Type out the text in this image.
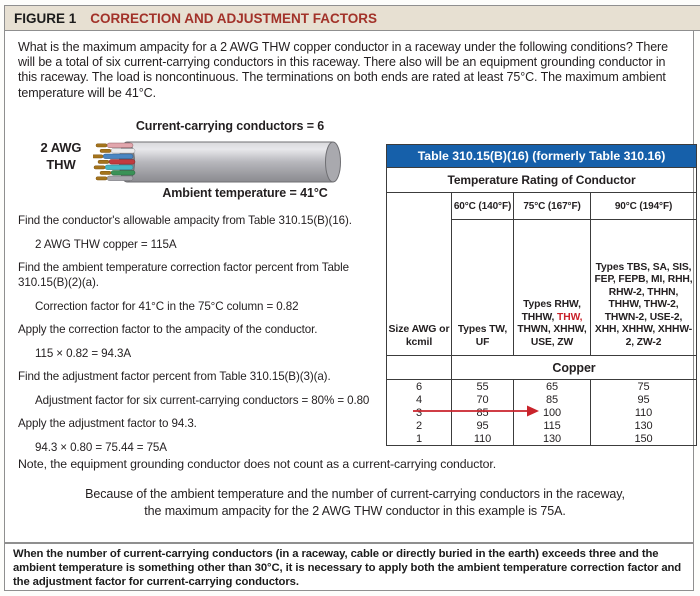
FIGURE 1 CORRECTION AND ADJUSTMENT FACTORS

What is the maximum ampacity for a 2 AWG THW copper conductor in a raceway under the following conditions? There will be a total of six current-carrying conductors in this raceway. There also will be an equipment grounding conductor in this raceway. The load is noncontinuous. The terminations on both ends are rated at least 75°C. The maximum ambient temperature will be 41°C.

Current-carrying conductors = 6
2 AWG
THW
Ambient temperature = 41°C

Find the conductor's allowable ampacity from Table 310.15(B)(16).

2 AWG THW copper = 115A

Find the ambient temperature correction factor percent from Table 310.15(B)(2)(a).

Correction factor for 41°C in the 75°C column = 0.82

Apply the correction factor to the ampacity of the conductor.

115 × 0.82 = 94.3A

Find the adjustment factor percent from Table 310.15(B)(3)(a).

Adjustment factor for six current-carrying conductors = 80% = 0.80

Apply the adjustment factor to 94.3.

94.3 × 0.80 = 75.44 = 75A

Note, the equipment grounding conductor does not count as a current-carrying conductor.

Because of the ambient temperature and the number of current-carrying conductors in the raceway, the maximum ampacity for the 2 AWG THW conductor in this example is 75A.

Table 310.15(B)(16) (formerly Table 310.16)			
Temperature Rating of Conductor			
Size AWG or kcmil	60°C (140°F)	75°C (167°F)	90°C (194°F)
	Types TW, UF	Types RHW, THHW, THW, THWN, XHHW, USE, ZW	Types TBS, SA, SIS, FEP, FEPB, MI, RHH, RHW-2, THHN, THHW, THW-2, THWN-2, USE-2, XHH, XHHW, XHHW-2, ZW-2
	Copper		
6	55	65	75
4	70	85	95
3	85	100	110
2	95	115	130
1	110	130	150

When the number of current-carrying conductors (in a raceway, cable or directly buried in the earth) exceeds three and the ambient temperature is something other than 30°C, it is necessary to apply both the ambient temperature correction factor and the adjustment factor for current-carrying conductors.
